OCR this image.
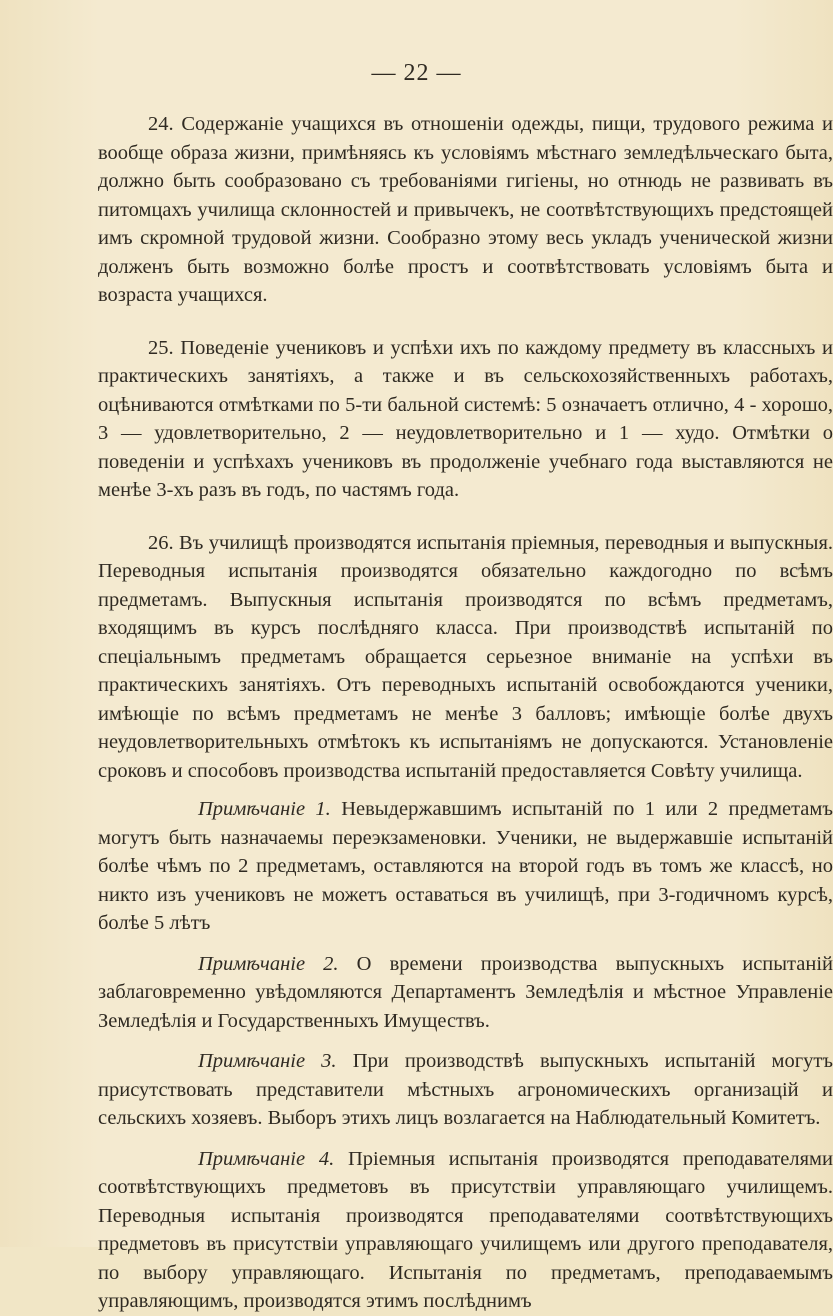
— 22 —

24. Содержаніе учащихся въ отношеніи одежды, пищи, трудового режима и вообще образа жизни, примѣняясь къ условіямъ мѣстнаго земледѣльческаго быта, должно быть сообразовано съ требованіями гигіены, но отнюдь не развивать въ питомцахъ училища склонностей и привычекъ, не соотвѣтствующихъ предстоящей имъ скромной трудовой жизни. Сообразно этому весь укладъ ученической жизни долженъ быть возможно болѣе простъ и соотвѣтствовать условіямъ быта и возраста учащихся.

25. Поведеніе учениковъ и успѣхи ихъ по каждому предмету въ классныхъ и практическихъ занятіяхъ, а также и въ сельскохозяйственныхъ работахъ, оцѣниваются отмѣтками по 5-ти бальной системѣ: 5 означаетъ отлично, 4 - хорошо, 3 — удовлетворительно, 2 — неудовлетворительно и 1 — худо. Отмѣтки о поведеніи и успѣхахъ учениковъ въ продолженіе учебнаго года выставляются не менѣе 3-хъ разъ въ годъ, по частямъ года.

26. Въ училищѣ производятся испытанія пріемныя, переводныя и выпускныя. Переводныя испытанія производятся обязательно каждогодно по всѣмъ предметамъ. Выпускныя испытанія производятся по всѣмъ предметамъ, входящимъ въ курсъ послѣдняго класса. При производствѣ испытаній по спеціальнымъ предметамъ обращается серьезное вниманіе на успѣхи въ практическихъ занятіяхъ. Отъ переводныхъ испытаній освобождаются ученики, имѣющіе по всѣмъ предметамъ не менѣе 3 балловъ; имѣющіе болѣе двухъ неудовлетворительныхъ отмѣтокъ къ испытаніямъ не допускаются. Установленіе сроковъ и способовъ производства испытаній предоставляется Совѣту училища.

Примѣчаніе 1. Невыдержавшимъ испытаній по 1 или 2 предметамъ могутъ быть назначаемы переэкзаменовки. Ученики, не выдержавшіе испытаній болѣе чѣмъ по 2 предметамъ, оставляются на второй годъ въ томъ же классѣ, но никто изъ учениковъ не можетъ оставаться въ училищѣ, при 3-годичномъ курсѣ, болѣе 5 лѣтъ

Примѣчаніе 2. О времени производства выпускныхъ испытаній заблаговременно увѣдомляются Департаментъ Земледѣлія и мѣстное Управленіе Земледѣлія и Государственныхъ Имуществъ.

Примѣчаніе 3. При производствѣ выпускныхъ испытаній могутъ присутствовать представители мѣстныхъ агрономическихъ организацій и сельскихъ хозяевъ. Выборъ этихъ лицъ возлагается на Наблюдательный Комитетъ.

Примѣчаніе 4. Пріемныя испытанія производятся преподавателями соотвѣтствующихъ предметовъ въ присутствіи управляющаго училищемъ. Переводныя испытанія производятся преподавателями соотвѣтствующихъ предметовъ въ присутствіи управляющаго училищемъ или другого преподавателя, по выбору управляющаго. Испытанія по предметамъ, преподаваемымъ управляющимъ, производятся этимъ послѣднимъ
